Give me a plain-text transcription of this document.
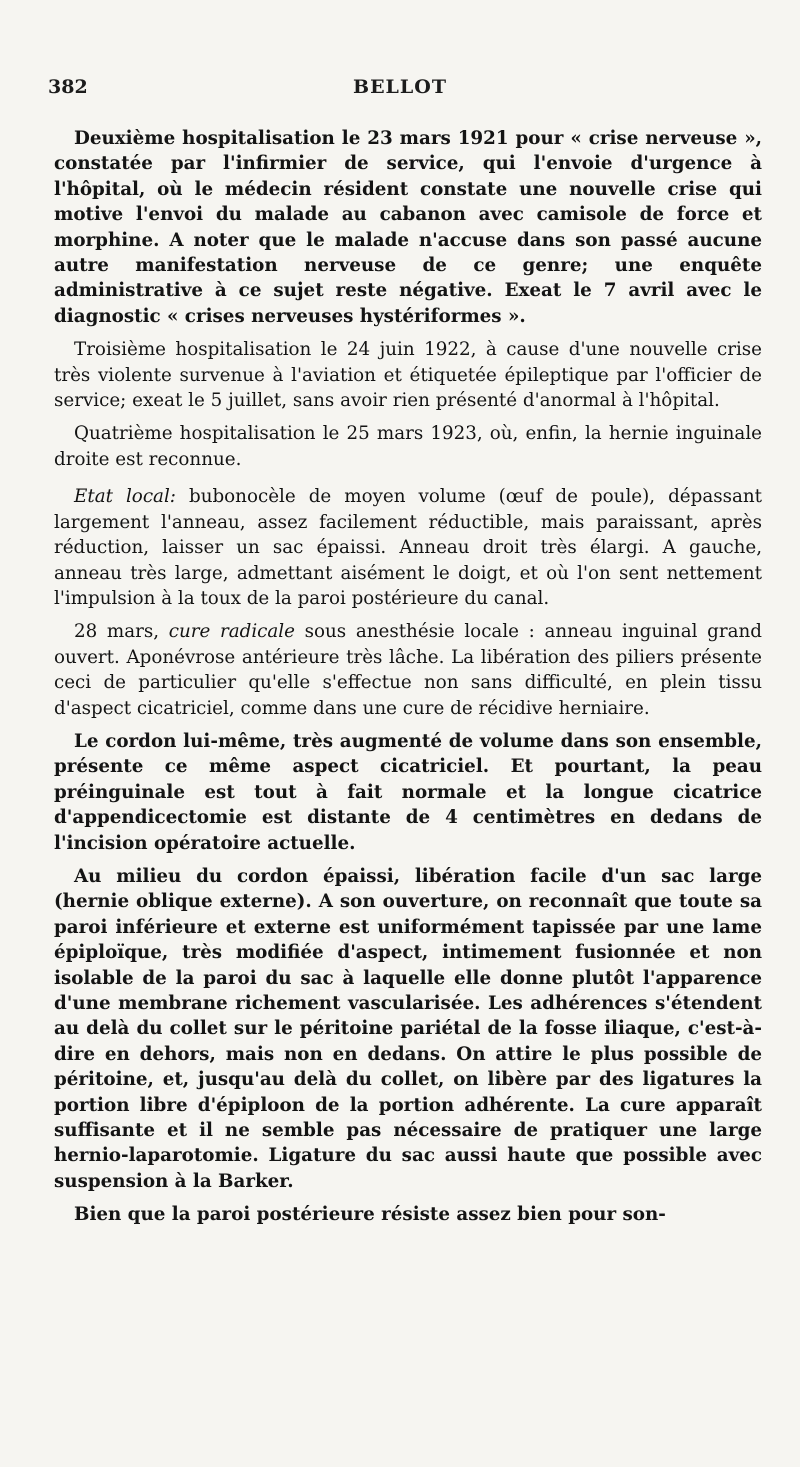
382	BELLOT

Deuxième hospitalisation le 23 mars 1921 pour « crise nerveuse », constatée par l'infirmier de service, qui l'envoie d'urgence à l'hôpital, où le médecin résident constate une nouvelle crise qui motive l'envoi du malade au cabanon avec camisole de force et morphine. A noter que le malade n'accuse dans son passé aucune autre manifestation nerveuse de ce genre; une enquête administrative à ce sujet reste négative. Exeat le 7 avril avec le diagnostic « crises nerveuses hystériformes ».

Troisième hospitalisation le 24 juin 1922, à cause d'une nouvelle crise très violente survenue à l'aviation et étiquetée épileptique par l'officier de service; exeat le 5 juillet, sans avoir rien présenté d'anormal à l'hôpital.

Quatrième hospitalisation le 25 mars 1923, où, enfin, la hernie inguinale droite est reconnue.

Etat local: bubonocèle de moyen volume (œuf de poule), dépassant largement l'anneau, assez facilement réductible, mais paraissant, après réduction, laisser un sac épaissi. Anneau droit très élargi. A gauche, anneau très large, admettant aisément le doigt, et où l'on sent nettement l'impulsion à la toux de la paroi postérieure du canal.

28 mars, cure radicale sous anesthésie locale : anneau inguinal grand ouvert. Aponévrose antérieure très lâche. La libération des piliers présente ceci de particulier qu'elle s'effectue non sans difficulté, en plein tissu d'aspect cicatriciel, comme dans une cure de récidive herniaire.

Le cordon lui-même, très augmenté de volume dans son ensemble, présente ce même aspect cicatriciel. Et pourtant, la peau préinguinale est tout à fait normale et la longue cicatrice d'appendicectomie est distante de 4 centimètres en dedans de l'incision opératoire actuelle.

Au milieu du cordon épaissi, libération facile d'un sac large (hernie oblique externe). A son ouverture, on reconnaît que toute sa paroi inférieure et externe est uniformément tapissée par une lame épiploïque, très modifiée d'aspect, intimement fusionnée et non isolable de la paroi du sac à laquelle elle donne plutôt l'apparence d'une membrane richement vascularisée. Les adhérences s'étendent au delà du collet sur le péritoine pariétal de la fosse iliaque, c'est-à-dire en dehors, mais non en dedans. On attire le plus possible de péritoine, et, jusqu'au delà du collet, on libère par des ligatures la portion libre d'épiploon de la portion adhérente. La cure apparaît suffisante et il ne semble pas nécessaire de pratiquer une large hernio-laparotomie. Ligature du sac aussi haute que possible avec suspension à la Barker.

Bien que la paroi postérieure résiste assez bien pour son-
